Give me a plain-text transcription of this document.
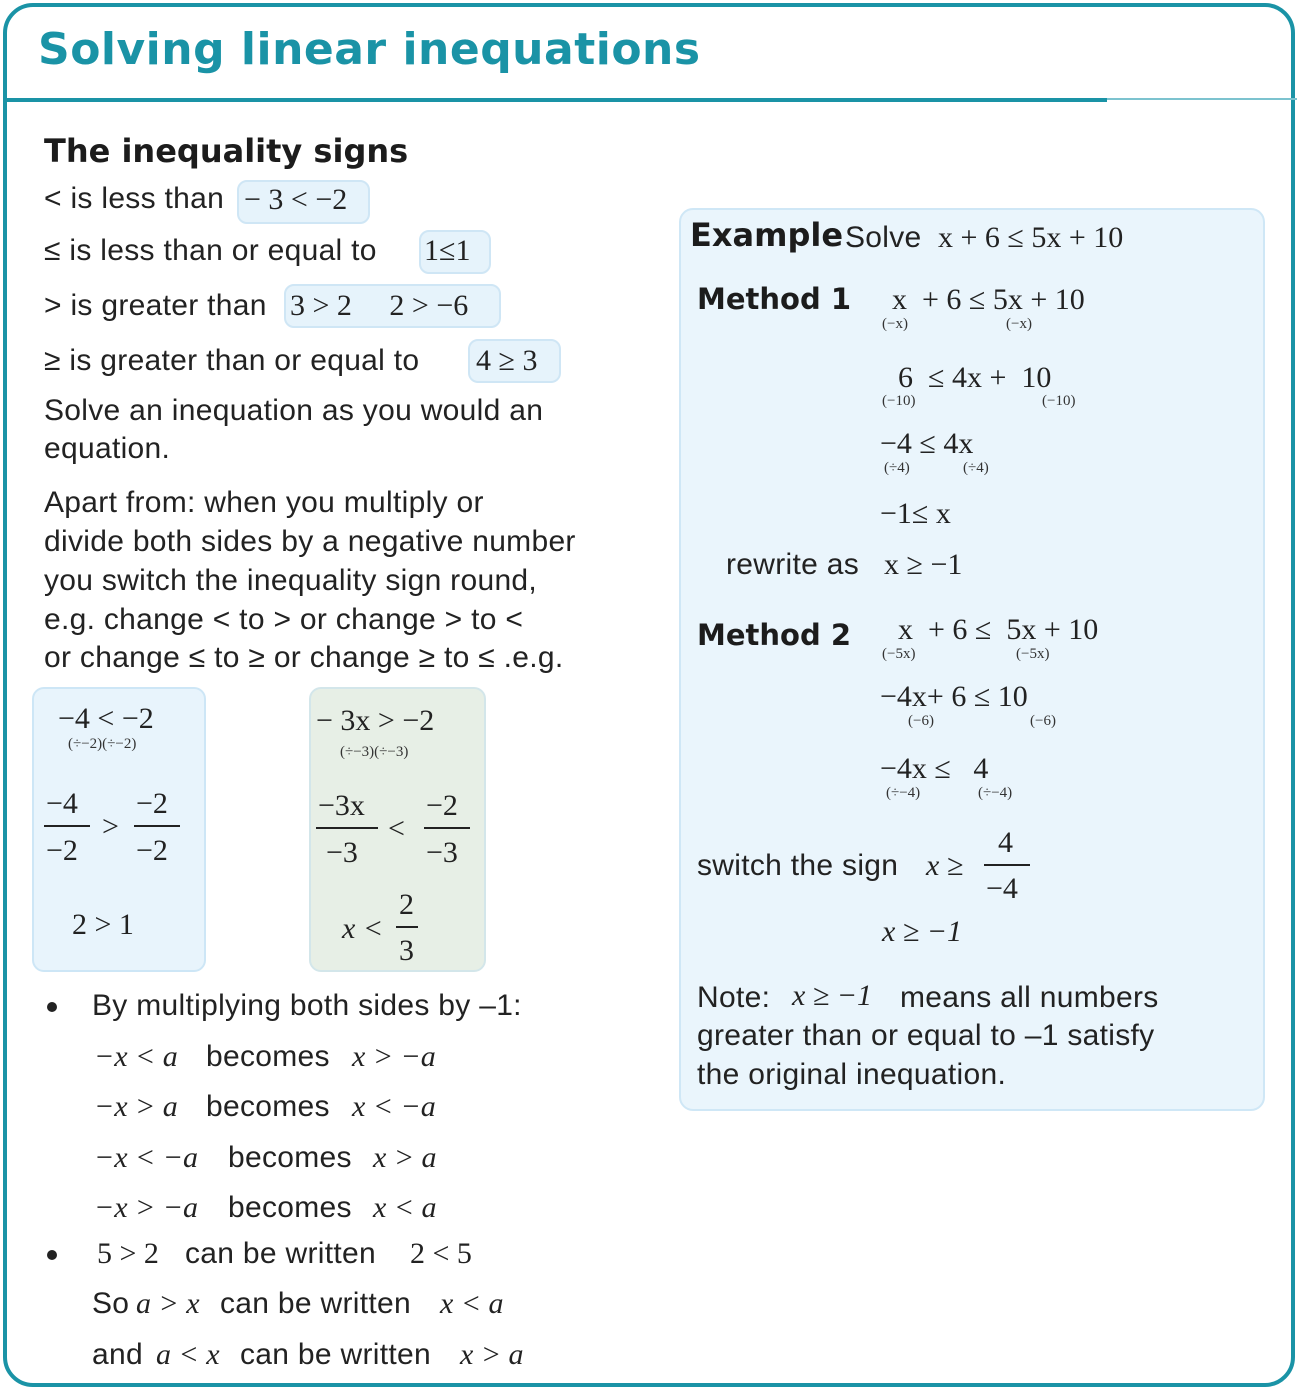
Solving linear inequations
The inequality signs
< is less than − 3 < −2
≤ is less than or equal to 1≤1
> is greater than 3 > 2     2 > −6
≥ is greater than or equal to 4 ≥ 3
Solve an inequation as you would an
equation.
Apart from: when you multiply or
divide both sides by a negative number
you switch the inequality sign round,
e.g. change < to > or change > to <
or change ≤ to ≥ or change ≥ to ≤ .e.g.
−4 < −2
(÷−2)(÷−2)
−4
−2
>
−2
−2
2 > 1
− 3x > −2
(÷−3)(÷−3)
−3x
−3
<
−2
−3
x <
2
3
By multiplying both sides by –1:
−x < a becomes x > −a
−x > a becomes x < −a
−x < −a becomes x > a
−x > −a becomes x < a
5 > 2 can be written 2 < 5
So a > x can be written x < a
and a < x can be written x > a
Example Solve x + 6 ≤ 5x + 10
Method 1 x  + 6 ≤ 5x + 10
(−x)	(−x)
6  ≤ 4x +  10
(−10)	(−10)
−4 ≤ 4x
(÷4)	(÷4)
−1≤ x
rewrite as x ≥ −1
Method 2 x  + 6 ≤  5x + 10
(−5x)	(−5x)
−4x+ 6 ≤ 10
(−6)	(−6)
−4x ≤   4
(÷−4)	(÷−4)
switch the sign x ≥
4
−4
x ≥ −1
Note: x ≥ −1 means all numbers
greater than or equal to –1 satisfy
the original inequation.
